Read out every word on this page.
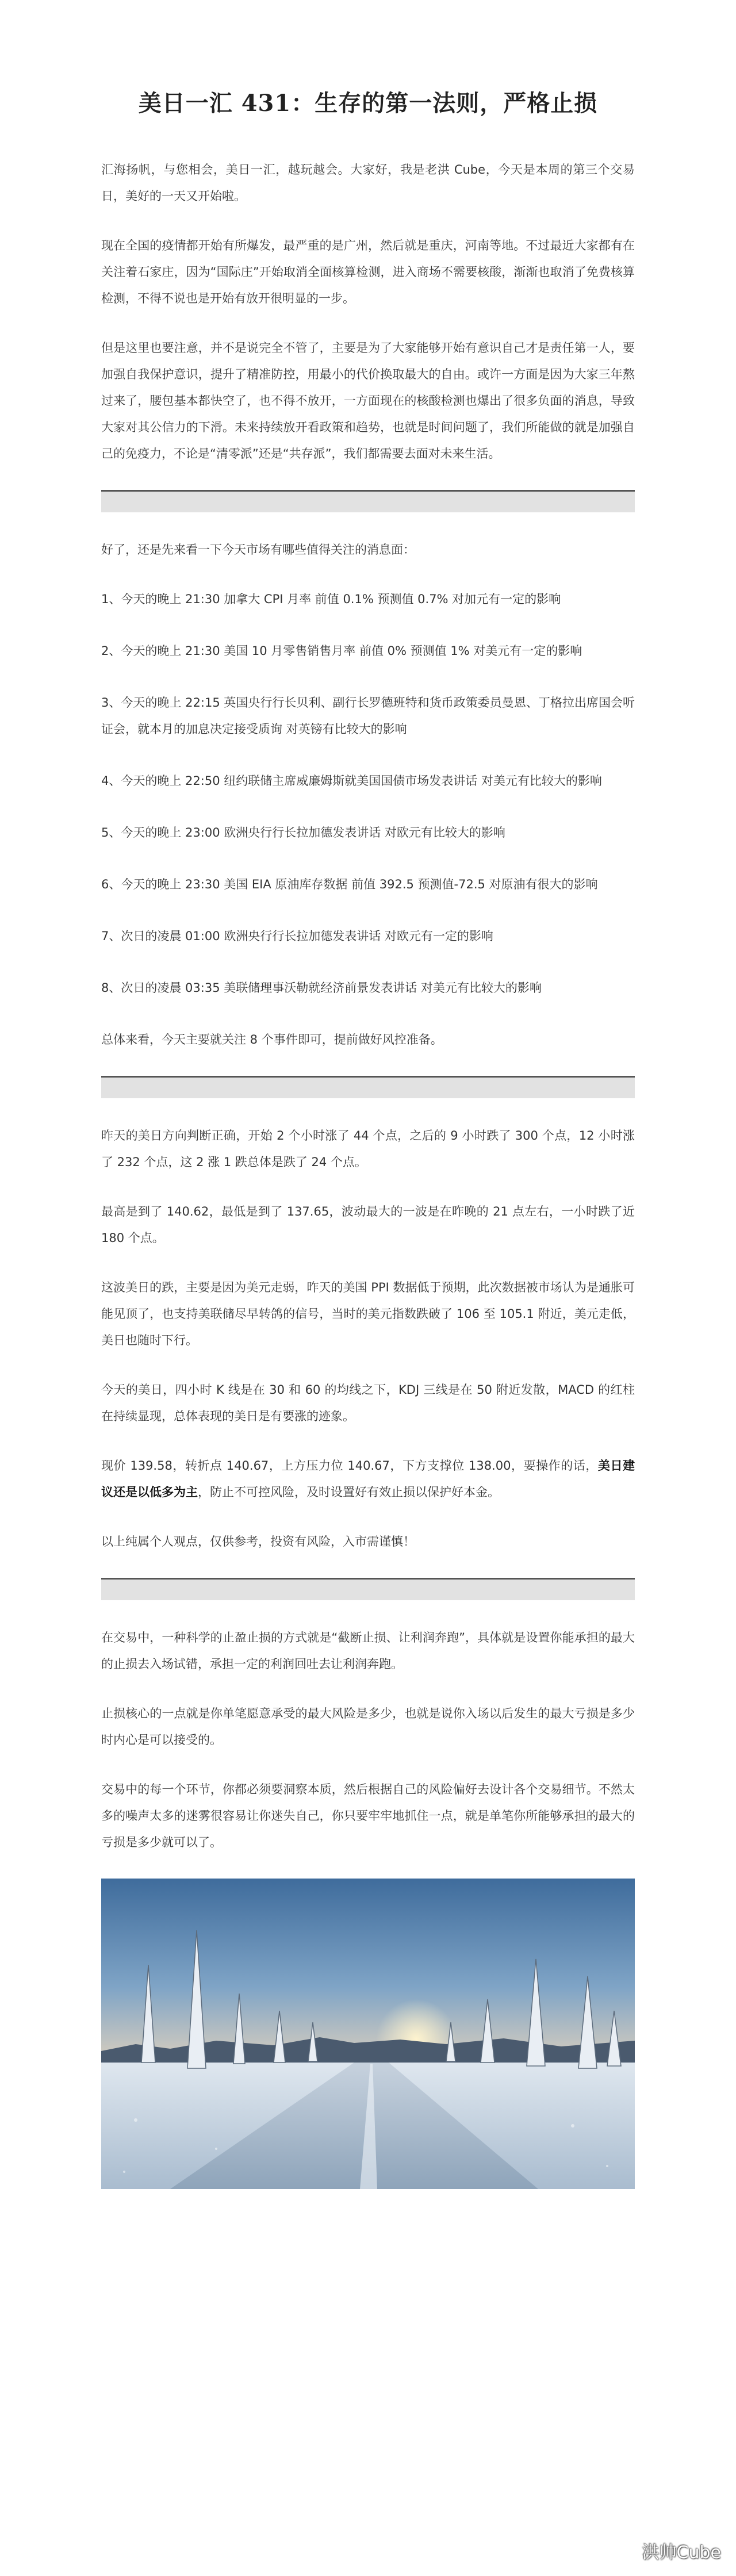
美日一汇 431：生存的第一法则，严格止损

汇海扬帆，与您相会，美日一汇，越玩越会。大家好，我是老洪 Cube，今天是本周的第三个交易日，美好的一天又开始啦。

现在全国的疫情都开始有所爆发，最严重的是广州，然后就是重庆，河南等地。不过最近大家都有在关注着石家庄，因为“国际庄”开始取消全面核算检测，进入商场不需要核酸，渐渐也取消了免费核算检测，不得不说也是开始有放开很明显的一步。

但是这里也要注意，并不是说完全不管了，主要是为了大家能够开始有意识自己才是责任第一人，要加强自我保护意识，提升了精准防控，用最小的代价换取最大的自由。或许一方面是因为大家三年熬过来了，腰包基本都快空了，也不得不放开，一方面现在的核酸检测也爆出了很多负面的消息，导致大家对其公信力的下滑。未来持续放开看政策和趋势，也就是时间问题了，我们所能做的就是加强自己的免疫力，不论是“清零派”还是“共存派”，我们都需要去面对未来生活。

好了，还是先来看一下今天市场有哪些值得关注的消息面：

1、今天的晚上 21:30 加拿大 CPI 月率 前值 0.1% 预测值 0.7% 对加元有一定的影响

2、今天的晚上 21:30 美国 10 月零售销售月率 前值 0% 预测值 1% 对美元有一定的影响

3、今天的晚上 22:15 英国央行行长贝利、副行长罗德班特和货币政策委员曼恩、丁格拉出席国会听证会，就本月的加息决定接受质询 对英镑有比较大的影响

4、今天的晚上 22:50 纽约联储主席威廉姆斯就美国国债市场发表讲话 对美元有比较大的影响

5、今天的晚上 23:00 欧洲央行行长拉加德发表讲话 对欧元有比较大的影响

6、今天的晚上 23:30 美国 EIA 原油库存数据 前值 392.5 预测值-72.5 对原油有很大的影响

7、次日的凌晨 01:00 欧洲央行行长拉加德发表讲话 对欧元有一定的影响

8、次日的凌晨 03:35 美联储理事沃勒就经济前景发表讲话 对美元有比较大的影响

总体来看，今天主要就关注 8 个事件即可，提前做好风控准备。

昨天的美日方向判断正确，开始 2 个小时涨了 44 个点，之后的 9 小时跌了 300 个点，12 小时涨了 232 个点，这 2 涨 1 跌总体是跌了 24 个点。

最高是到了 140.62，最低是到了 137.65，波动最大的一波是在昨晚的 21 点左右，一小时跌了近 180 个点。

这波美日的跌，主要是因为美元走弱，昨天的美国 PPI 数据低于预期，此次数据被市场认为是通胀可能见顶了，也支持美联储尽早转鸽的信号，当时的美元指数跌破了 106 至 105.1 附近，美元走低，美日也随时下行。

今天的美日，四小时 K 线是在 30 和 60 的均线之下，KDJ 三线是在 50 附近发散，MACD 的红柱在持续显现，总体表现的美日是有要涨的迹象。

现价 139.58，转折点 140.67，上方压力位 140.67，下方支撑位 138.00，要操作的话，美日建议还是以低多为主，防止不可控风险，及时设置好有效止损以保护好本金。

以上纯属个人观点，仅供参考，投资有风险，入市需谨慎！

在交易中，一种科学的止盈止损的方式就是“截断止损、让利润奔跑”，具体就是设置你能承担的最大的止损去入场试错，承担一定的利润回吐去让利润奔跑。

止损核心的一点就是你单笔愿意承受的最大风险是多少，也就是说你入场以后发生的最大亏损是多少时内心是可以接受的。

交易中的每一个环节，你都必须要洞察本质，然后根据自己的风险偏好去设计各个交易细节。不然太多的噪声太多的迷雾很容易让你迷失自己，你只要牢牢地抓住一点，就是单笔你所能够承担的最大的亏损是多少就可以了。

洪帅Cube
